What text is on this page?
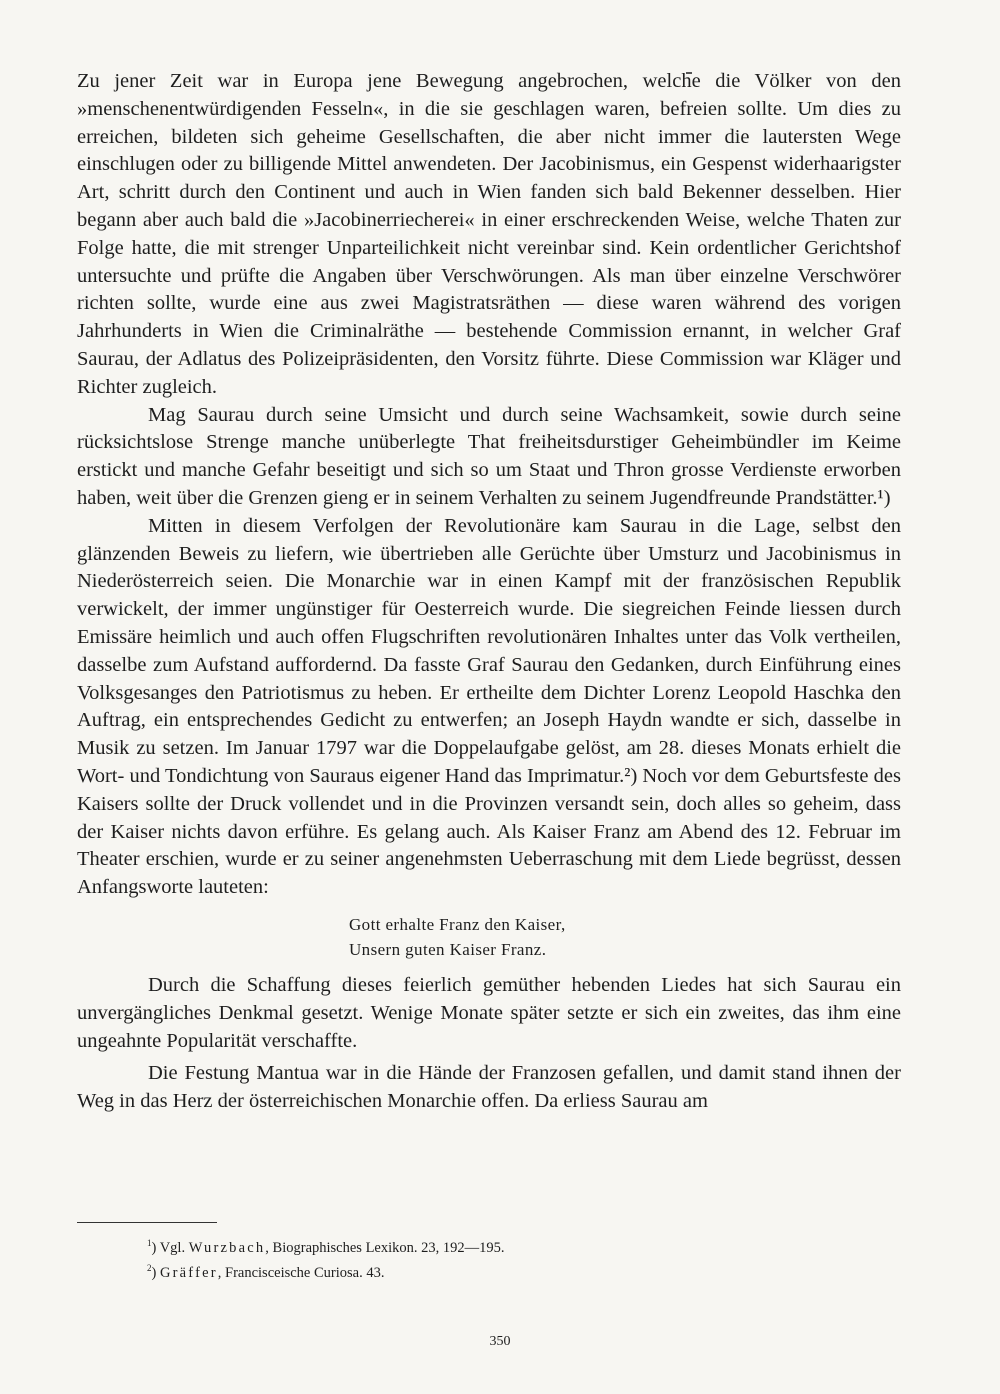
Zu jener Zeit war in Europa jene Bewegung angebrochen, welche die Völker von den »menschenentwürdigenden Fesseln«, in die sie geschlagen waren, befreien sollte. Um dies zu erreichen, bildeten sich geheime Gesellschaften, die aber nicht immer die lautersten Wege einschlugen oder zu billigende Mittel anwendeten. Der Jacobinismus, ein Gespenst widerhaarigster Art, schritt durch den Continent und auch in Wien fanden sich bald Bekenner desselben. Hier begann aber auch bald die »Jacobinerriecherei« in einer erschreckenden Weise, welche Thaten zur Folge hatte, die mit strenger Unparteilichkeit nicht vereinbar sind. Kein ordentlicher Gerichtshof untersuchte und prüfte die Angaben über Verschwörungen. Als man über einzelne Verschwörer richten sollte, wurde eine aus zwei Magistratsräthen — diese waren während des vorigen Jahrhunderts in Wien die Criminalräthe — bestehende Commission ernannt, in welcher Graf Saurau, der Adlatus des Polizeipräsidenten, den Vorsitz führte. Diese Commission war Kläger und Richter zugleich.

Mag Saurau durch seine Umsicht und durch seine Wachsamkeit, sowie durch seine rücksichtslose Strenge manche unüberlegte That freiheitsdurstiger Geheimbündler im Keime erstickt und manche Gefahr beseitigt und sich so um Staat und Thron grosse Verdienste erworben haben, weit über die Grenzen gieng er in seinem Verhalten zu seinem Jugendfreunde Prandstätter.¹)

Mitten in diesem Verfolgen der Revolutionäre kam Saurau in die Lage, selbst den glänzenden Beweis zu liefern, wie übertrieben alle Gerüchte über Umsturz und Jacobinismus in Niederösterreich seien. Die Monarchie war in einen Kampf mit der französischen Republik verwickelt, der immer ungünstiger für Oesterreich wurde. Die siegreichen Feinde liessen durch Emissäre heimlich und auch offen Flugschriften revolutionären Inhaltes unter das Volk vertheilen, dasselbe zum Aufstand auffordernd. Da fasste Graf Saurau den Gedanken, durch Einführung eines Volksgesanges den Patriotismus zu heben. Er ertheilte dem Dichter Lorenz Leopold Haschka den Auftrag, ein entsprechendes Gedicht zu entwerfen; an Joseph Haydn wandte er sich, dasselbe in Musik zu setzen. Im Januar 1797 war die Doppelaufgabe gelöst, am 28. dieses Monats erhielt die Wort- und Tondichtung von Sauraus eigener Hand das Imprimatur.²) Noch vor dem Geburtsfeste des Kaisers sollte der Druck vollendet und in die Provinzen versandt sein, doch alles so geheim, dass der Kaiser nichts davon erführe. Es gelang auch. Als Kaiser Franz am Abend des 12. Februar im Theater erschien, wurde er zu seiner angenehmsten Ueberraschung mit dem Liede begrüsst, dessen Anfangsworte lauteten:

Gott erhalte Franz den Kaiser,
Unsern guten Kaiser Franz.

Durch die Schaffung dieses feierlich gemüther hebenden Liedes hat sich Saurau ein unvergängliches Denkmal gesetzt. Wenige Monate später setzte er sich ein zweites, das ihm eine ungeahnte Popularität verschaffte.

Die Festung Mantua war in die Hände der Franzosen gefallen, und damit stand ihnen der Weg in das Herz der österreichischen Monarchie offen. Da erliess Saurau am

$^1$) Vgl. Wurzbach, Biographisches Lexikon. 23, 192—195.
$^2$) Gräffer, Francisceische Curiosa. 43.
350
